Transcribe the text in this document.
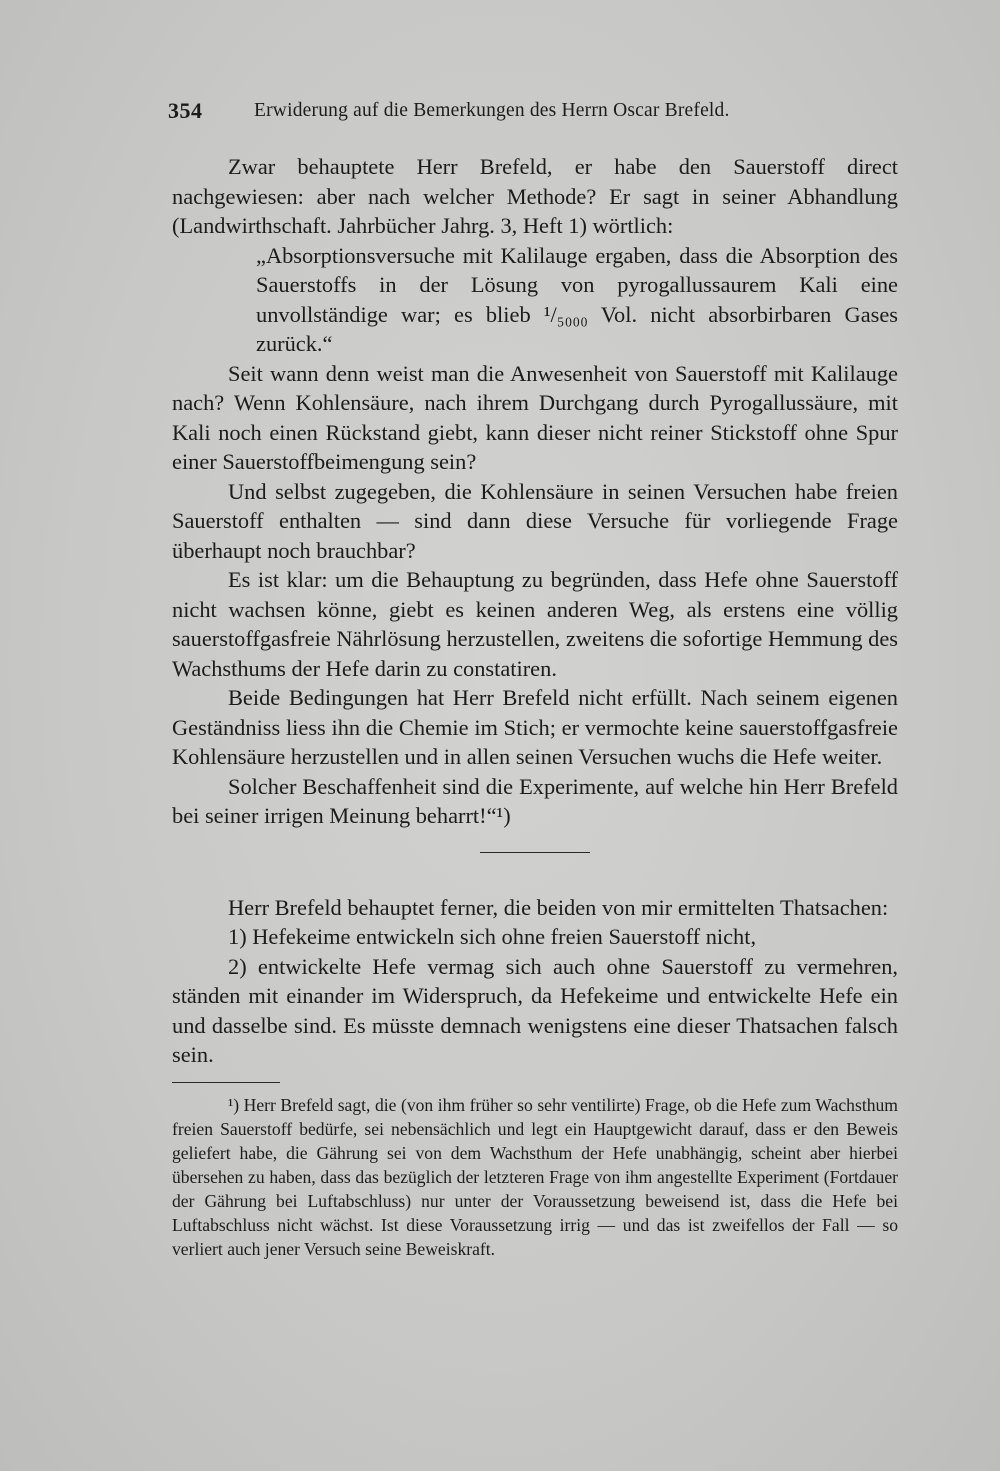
354	Erwiderung auf die Bemerkungen des Herrn Oscar Brefeld.

Zwar behauptete Herr Brefeld, er habe den Sauerstoff direct nachgewiesen: aber nach welcher Methode? Er sagt in seiner Abhandlung (Landwirthschaft. Jahrbücher Jahrg. 3, Heft 1) wörtlich:

„Absorptionsversuche mit Kalilauge ergaben, dass die Absorption des Sauerstoffs in der Lösung von pyrogallussaurem Kali eine unvollständige war; es blieb ¹/₅₀₀₀ Vol. nicht absorbirbaren Gases zurück.“

Seit wann denn weist man die Anwesenheit von Sauerstoff mit Kalilauge nach? Wenn Kohlensäure, nach ihrem Durchgang durch Pyrogallussäure, mit Kali noch einen Rückstand giebt, kann dieser nicht reiner Stickstoff ohne Spur einer Sauerstoffbeimengung sein?

Und selbst zugegeben, die Kohlensäure in seinen Versuchen habe freien Sauerstoff enthalten — sind dann diese Versuche für vorliegende Frage überhaupt noch brauchbar?

Es ist klar: um die Behauptung zu begründen, dass Hefe ohne Sauerstoff nicht wachsen könne, giebt es keinen anderen Weg, als erstens eine völlig sauerstoffgasfreie Nährlösung herzustellen, zweitens die sofortige Hemmung des Wachsthums der Hefe darin zu constatiren.

Beide Bedingungen hat Herr Brefeld nicht erfüllt. Nach seinem eigenen Geständniss liess ihn die Chemie im Stich; er vermochte keine sauerstoffgasfreie Kohlensäure herzustellen und in allen seinen Versuchen wuchs die Hefe weiter.

Solcher Beschaffenheit sind die Experimente, auf welche hin Herr Brefeld bei seiner irrigen Meinung beharrt!“¹)

Herr Brefeld behauptet ferner, die beiden von mir ermittelten Thatsachen:

1) Hefekeime entwickeln sich ohne freien Sauerstoff nicht,

2) entwickelte Hefe vermag sich auch ohne Sauerstoff zu vermehren, ständen mit einander im Widerspruch, da Hefekeime und entwickelte Hefe ein und dasselbe sind. Es müsste demnach wenigstens eine dieser Thatsachen falsch sein.

¹) Herr Brefeld sagt, die (von ihm früher so sehr ventilirte) Frage, ob die Hefe zum Wachsthum freien Sauerstoff bedürfe, sei nebensächlich und legt ein Hauptgewicht darauf, dass er den Beweis geliefert habe, die Gährung sei von dem Wachsthum der Hefe unabhängig, scheint aber hierbei übersehen zu haben, dass das bezüglich der letzteren Frage von ihm angestellte Experiment (Fortdauer der Gährung bei Luftabschluss) nur unter der Voraussetzung beweisend ist, dass die Hefe bei Luftabschluss nicht wächst. Ist diese Voraussetzung irrig — und das ist zweifellos der Fall — so verliert auch jener Versuch seine Beweiskraft.
